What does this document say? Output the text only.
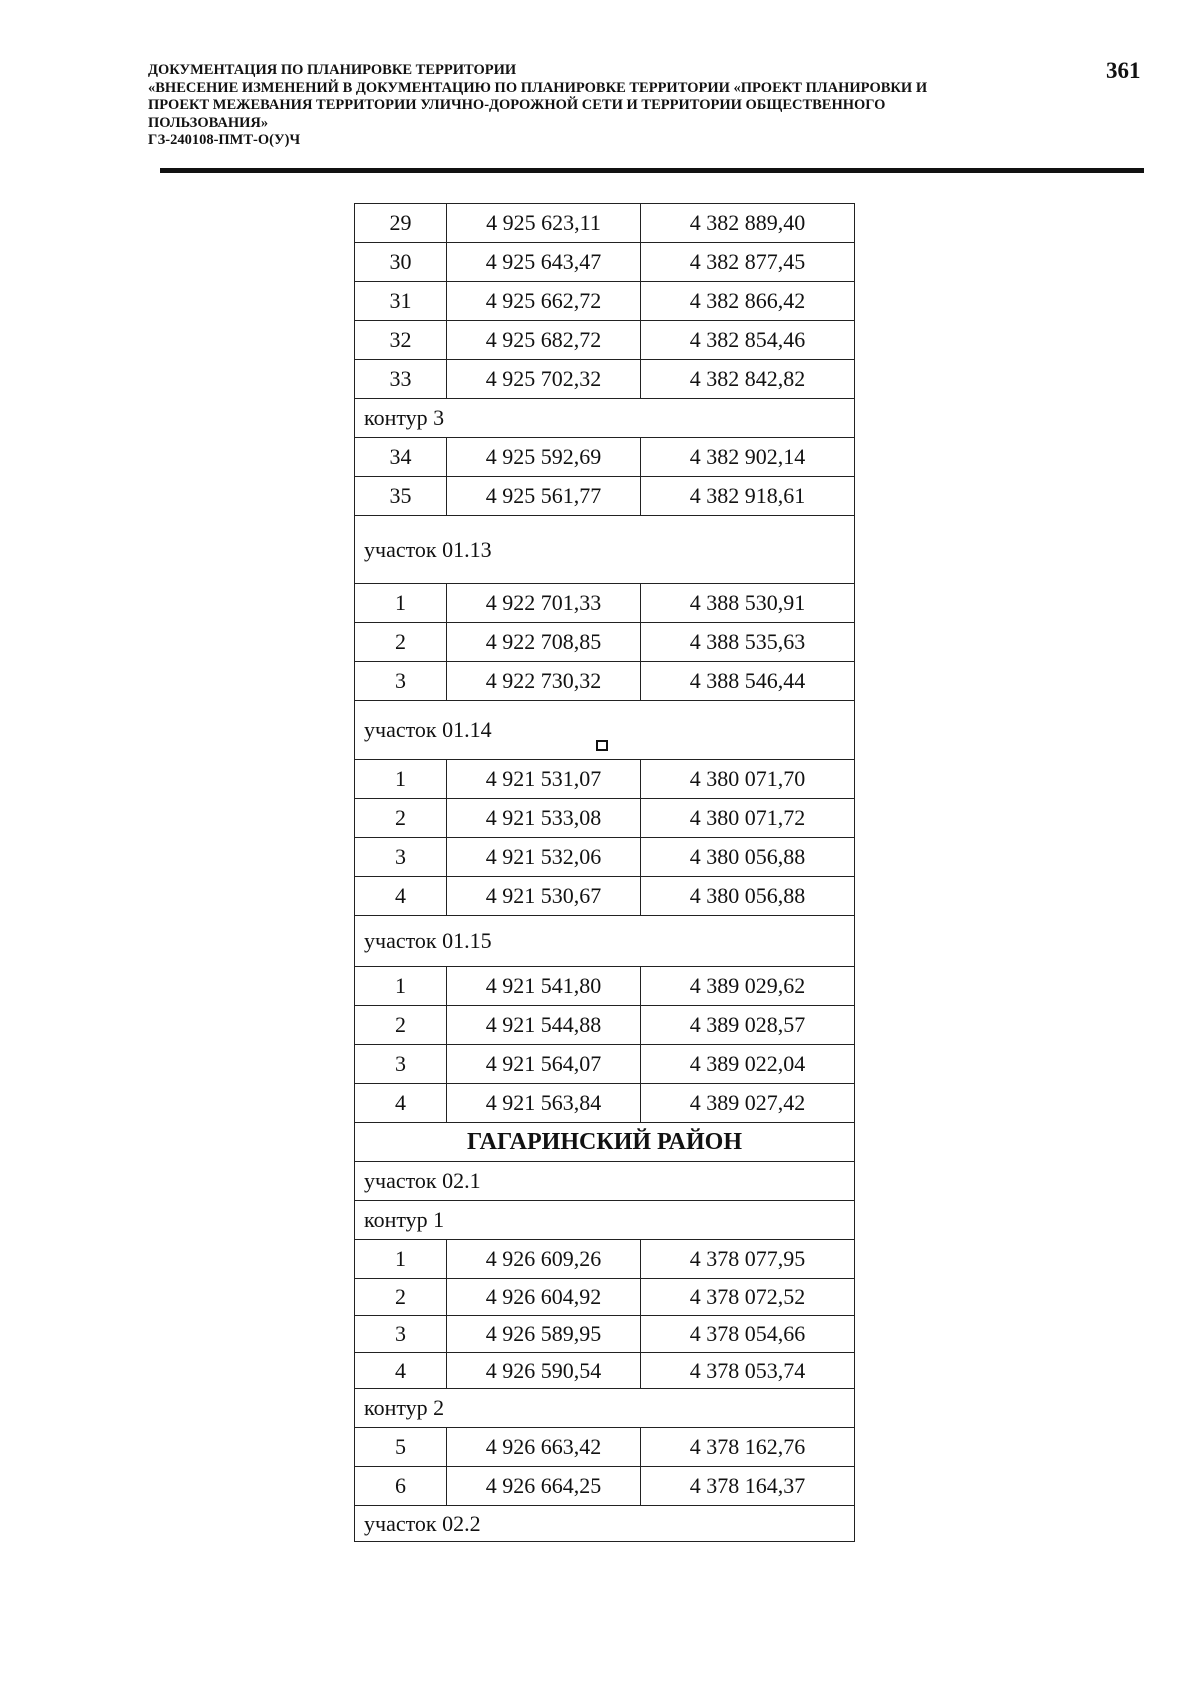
ДОКУМЕНТАЦИЯ ПО ПЛАНИРОВКЕ ТЕРРИТОРИИ
«ВНЕСЕНИЕ ИЗМЕНЕНИЙ В ДОКУМЕНТАЦИЮ ПО ПЛАНИРОВКЕ ТЕРРИТОРИИ «ПРОЕКТ ПЛАНИРОВКИ И
ПРОЕКТ МЕЖЕВАНИЯ ТЕРРИТОРИИ УЛИЧНО-ДОРОЖНОЙ СЕТИ И ТЕРРИТОРИИ ОБЩЕСТВЕННОГО
ПОЛЬЗОВАНИЯ»
ГЗ-240108-ПМТ-О(У)Ч
361
29	4 925 623,11	4 382 889,40
30	4 925 643,47	4 382 877,45
31	4 925 662,72	4 382 866,42
32	4 925 682,72	4 382 854,46
33	4 925 702,32	4 382 842,82
контур 3
34	4 925 592,69	4 382 902,14
35	4 925 561,77	4 382 918,61
участок 01.13
1	4 922 701,33	4 388 530,91
2	4 922 708,85	4 388 535,63
3	4 922 730,32	4 388 546,44
участок 01.14
1	4 921 531,07	4 380 071,70
2	4 921 533,08	4 380 071,72
3	4 921 532,06	4 380 056,88
4	4 921 530,67	4 380 056,88
участок 01.15
1	4 921 541,80	4 389 029,62
2	4 921 544,88	4 389 028,57
3	4 921 564,07	4 389 022,04
4	4 921 563,84	4 389 027,42
ГАГАРИНСКИЙ РАЙОН
участок 02.1
контур 1
1	4 926 609,26	4 378 077,95
2	4 926 604,92	4 378 072,52
3	4 926 589,95	4 378 054,66
4	4 926 590,54	4 378 053,74
контур 2
5	4 926 663,42	4 378 162,76
6	4 926 664,25	4 378 164,37
участок 02.2
